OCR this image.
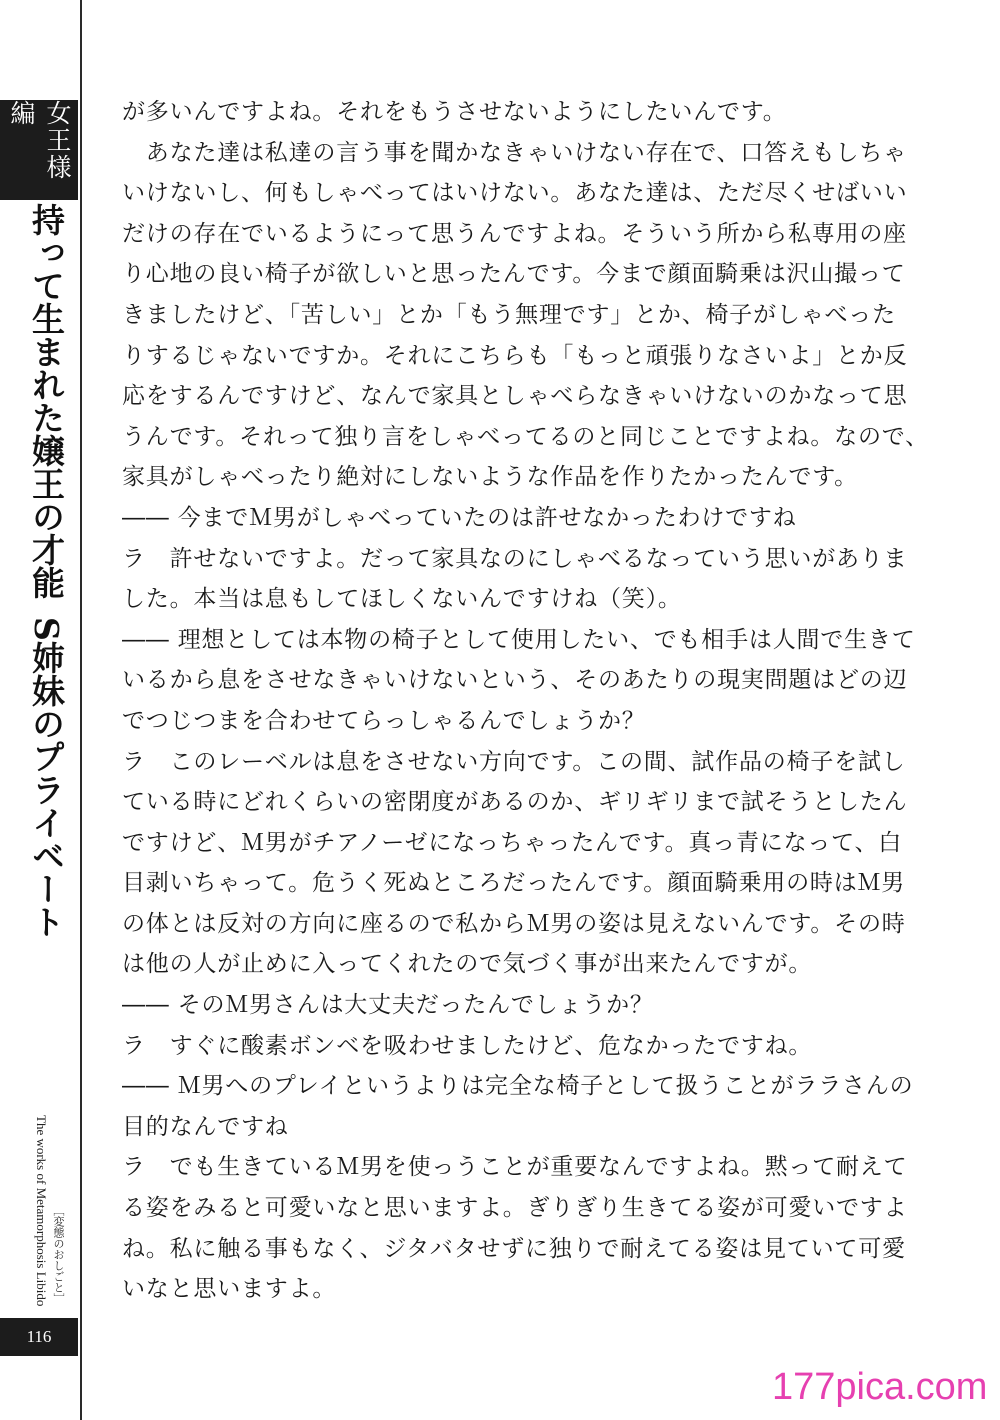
女王様編
持って生まれた嬢王の才能S姉妹のプライベート
The works of Metamorphosis Libido ［変態のおしごと］
116
が多いんですよね。それをもうさせないようにしたいんです。
　あなた達は私達の言う事を聞かなきゃいけない存在で、口答えもしちゃ
いけないし、何もしゃべってはいけない。あなた達は、ただ尽くせばいい
だけの存在でいるようにって思うんですよね。そういう所から私専用の座
り心地の良い椅子が欲しいと思ったんです。今まで顔面騎乗は沢山撮って
きましたけど、「苦しい」とか「もう無理です」とか、椅子がしゃべった
りするじゃないですか。それにこちらも「もっと頑張りなさいよ」とか反
応をするんですけど、なんで家具としゃべらなきゃいけないのかなって思
うんです。それって独り言をしゃべってるのと同じことですよね。なので、
家具がしゃべったり絶対にしないような作品を作りたかったんです。
―― 今までＭ男がしゃべっていたのは許せなかったわけですね
ラ　許せないですよ。だって家具なのにしゃべるなっていう思いがありま
した。本当は息もしてほしくないんですけね（笑）。
―― 理想としては本物の椅子として使用したい、でも相手は人間で生きて
いるから息をさせなきゃいけないという、そのあたりの現実問題はどの辺
でつじつまを合わせてらっしゃるんでしょうか？
ラ　このレーベルは息をさせない方向です。この間、試作品の椅子を試し
ている時にどれくらいの密閉度があるのか、ギリギリまで試そうとしたん
ですけど、Ｍ男がチアノーゼになっちゃったんです。真っ青になって、白
目剥いちゃって。危うく死ぬところだったんです。顔面騎乗用の時はＭ男
の体とは反対の方向に座るので私からＭ男の姿は見えないんです。その時
は他の人が止めに入ってくれたので気づく事が出来たんですが。
―― そのＭ男さんは大丈夫だったんでしょうか？
ラ　すぐに酸素ボンベを吸わせましたけど、危なかったですね。
―― Ｍ男へのプレイというよりは完全な椅子として扱うことがララさんの
目的なんですね
ラ　でも生きているＭ男を使っうことが重要なんですよね。黙って耐えて
る姿をみると可愛いなと思いますよ。ぎりぎり生きてる姿が可愛いですよ
ね。私に触る事もなく、ジタバタせずに独りで耐えてる姿は見ていて可愛
いなと思いますよ。
177pica.com
